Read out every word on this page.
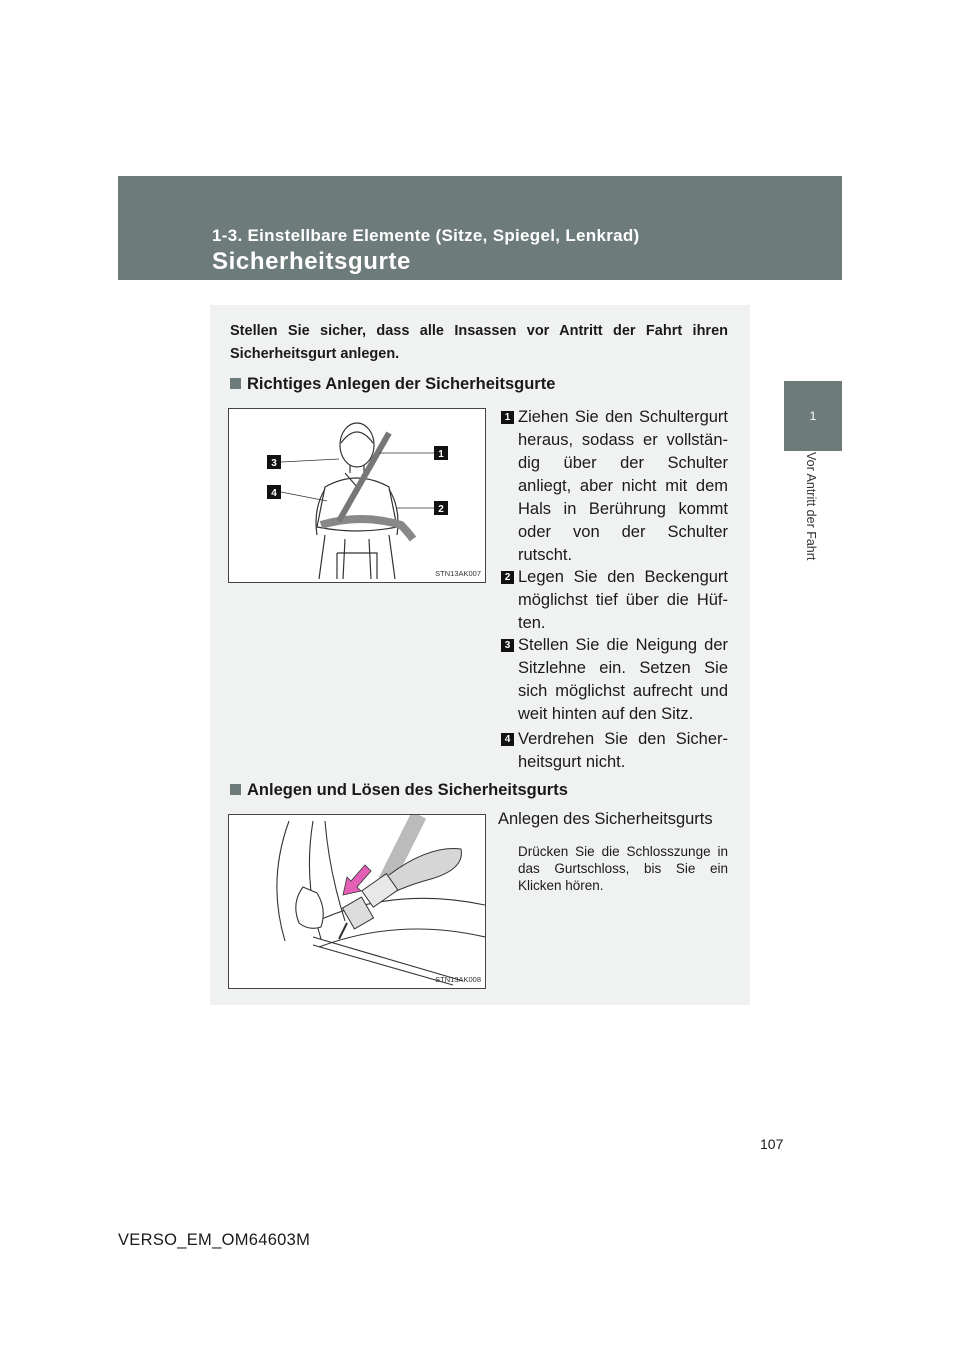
1-3. Einstellbare Elemente (Sitze, Spiegel, Lenkrad)
Sicherheitsgurte
1
Vor Antritt der Fahrt
Stellen Sie sicher, dass alle Insassen vor Antritt der Fahrt ihren Sicherheitsgurt anlegen.
Richtiges Anlegen der Sicherheitsgurte
1
2
3
4
STN13AK007
1 Ziehen Sie den Schultergurt heraus, sodass er vollstän-dig über der Schulter anliegt, aber nicht mit dem Hals in Berührung kommt oder von der Schulter rutscht.
2 Legen Sie den Beckengurt möglichst tief über die Hüf-ten.
3 Stellen Sie die Neigung der Sitzlehne ein. Setzen Sie sich möglichst aufrecht und weit hinten auf den Sitz.
4 Verdrehen Sie den Sicher-heitsgurt nicht.
Anlegen und Lösen des Sicherheitsgurts
STN13AK008
Anlegen des Sicherheitsgurts
Drücken Sie die Schlosszunge in das Gurtschloss, bis Sie ein Klicken hören.
107
VERSO_EM_OM64603M
